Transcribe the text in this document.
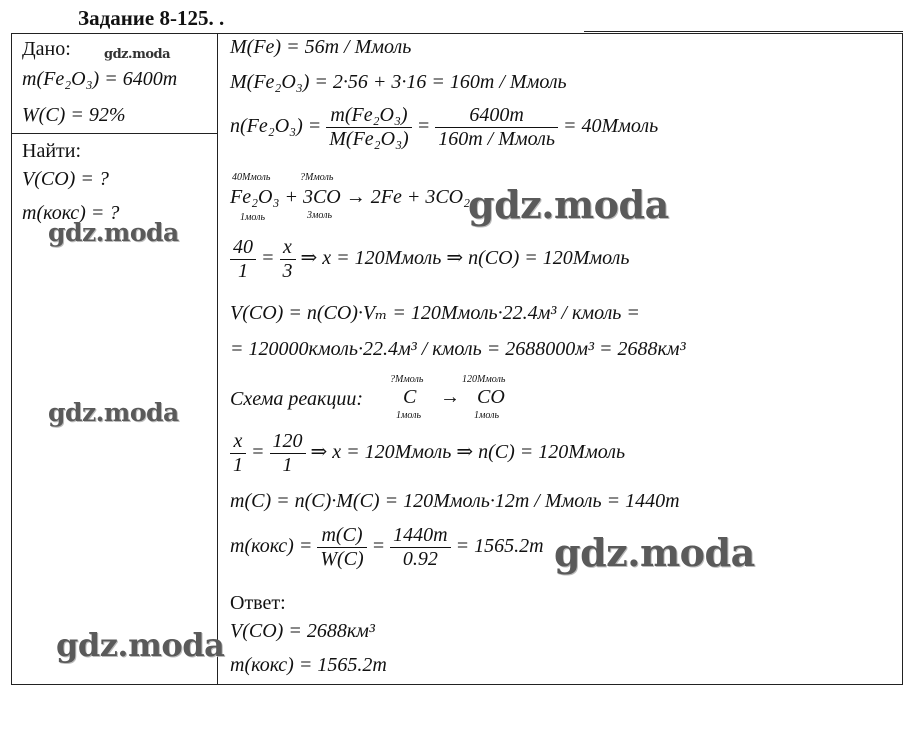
Задание 8-125. .
Дано:
m(Fe₂O₃) = 6400т
W(C) = 92%
Найти:
V(CO) = ?
m(кокс) = ?
M(Fe) = 56т / Ммоль
M(Fe₂O₃) = 2·56 + 3·16 = 160т / Ммоль
$n(Fe_2O_3) = \frac{\text{m(Fe₂O₃)}}{\text{M(Fe₂O₃)}} = \frac{6400т}{\text{160т / Ммоль}}$ = 40Ммоль
40Ммоль	?Ммоль
Fe₂O₃ + 3CO → 2Fe + 3CO₂
1моль	3моль
$\frac{40}{1} = \frac{x}{3}$ ⇒ x = 120Ммоль ⇒ n(CO) = 120Ммоль
V(CO) = n(CO)·Vₘ = 120Ммоль·22.4м³ / кмоль =
= 120000кмоль·22.4м³ / кмоль = 2688000м³ = 2688км³
Схема реакции:
?Ммоль	120Ммоль
C → CO
1моль	1моль
$\frac{x}{1} = \frac{120}{1}$ ⇒ x = 120Ммоль ⇒ n(C) = 120Ммоль
m(C) = n(C)·M(C) = 120Ммоль·12т / Ммоль = 1440т
m(кокс) = $\frac{m(C)}{W(C)} = \frac{1440т}{0.92} = 1565.2т$
Ответ:
V(CO) = 2688км³
m(кокс) = 1565.2т
gdz.moda
gdz.moda
gdz.moda
gdz.moda
gdz.moda
gdz.moda
